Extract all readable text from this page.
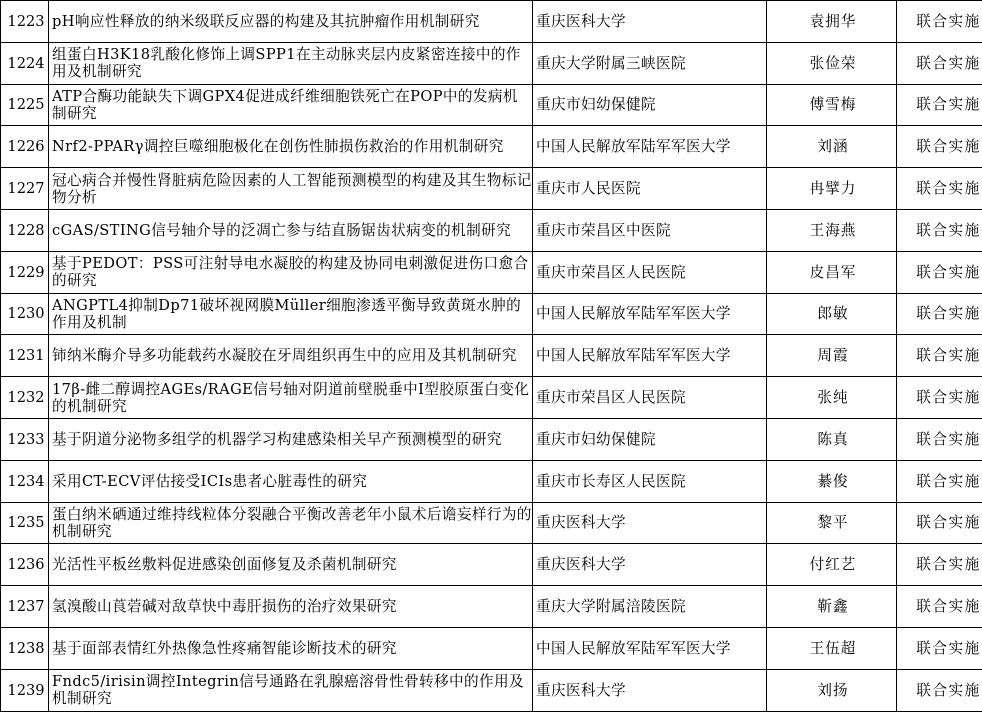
1223	pH响应性释放的纳米级联反应器的构建及其抗肿瘤作用机制研究	重庆医科大学	袁拥华	联合实施
1224	组蛋白H3K18乳酸化修饰上调SPP1在主动脉夹层内皮紧密连接中的作用及机制研究	重庆大学附属三峡医院	张俭荣	联合实施
1225	ATP合酶功能缺失下调GPX4促进成纤维细胞铁死亡在POP中的发病机制研究	重庆市妇幼保健院	傅雪梅	联合实施
1226	Nrf2-PPARγ调控巨噬细胞极化在创伤性肺损伤救治的作用机制研究	中国人民解放军陆军军医大学	刘涵	联合实施
1227	冠心病合并慢性肾脏病危险因素的人工智能预测模型的构建及其生物标记物分析	重庆市人民医院	冉擘力	联合实施
1228	cGAS/STING信号轴介导的泛凋亡参与结直肠锯齿状病变的机制研究	重庆市荣昌区中医院	王海燕	联合实施
1229	基于PEDOT：PSS可注射导电水凝胶的构建及协同电刺激促进伤口愈合的研究	重庆市荣昌区人民医院	皮昌军	联合实施
1230	ANGPTL4抑制Dp71破坏视网膜Müller细胞渗透平衡导致黄斑水肿的作用及机制	中国人民解放军陆军军医大学	郎敏	联合实施
1231	铈纳米酶介导多功能载药水凝胶在牙周组织再生中的应用及其机制研究	中国人民解放军陆军军医大学	周霞	联合实施
1232	17β-雌二醇调控AGEs/RAGE信号轴对阴道前壁脱垂中I型胶原蛋白变化的机制研究	重庆市荣昌区人民医院	张纯	联合实施
1233	基于阴道分泌物多组学的机器学习构建感染相关早产预测模型的研究	重庆市妇幼保健院	陈真	联合实施
1234	采用CT-ECV评估接受ICIs患者心脏毒性的研究	重庆市长寿区人民医院	綦俊	联合实施
1235	蛋白纳米硒通过维持线粒体分裂融合平衡改善老年小鼠术后谵妄样行为的机制研究	重庆医科大学	黎平	联合实施
1236	光活性平板丝敷料促进感染创面修复及杀菌机制研究	重庆医科大学	付红艺	联合实施
1237	氢溴酸山莨菪碱对敌草快中毒肝损伤的治疗效果研究	重庆大学附属涪陵医院	靳鑫	联合实施
1238	基于面部表情红外热像急性疼痛智能诊断技术的研究	中国人民解放军陆军军医大学	王伍超	联合实施
1239	Fndc5/irisin调控Integrin信号通路在乳腺癌溶骨性骨转移中的作用及机制研究	重庆医科大学	刘扬	联合实施
